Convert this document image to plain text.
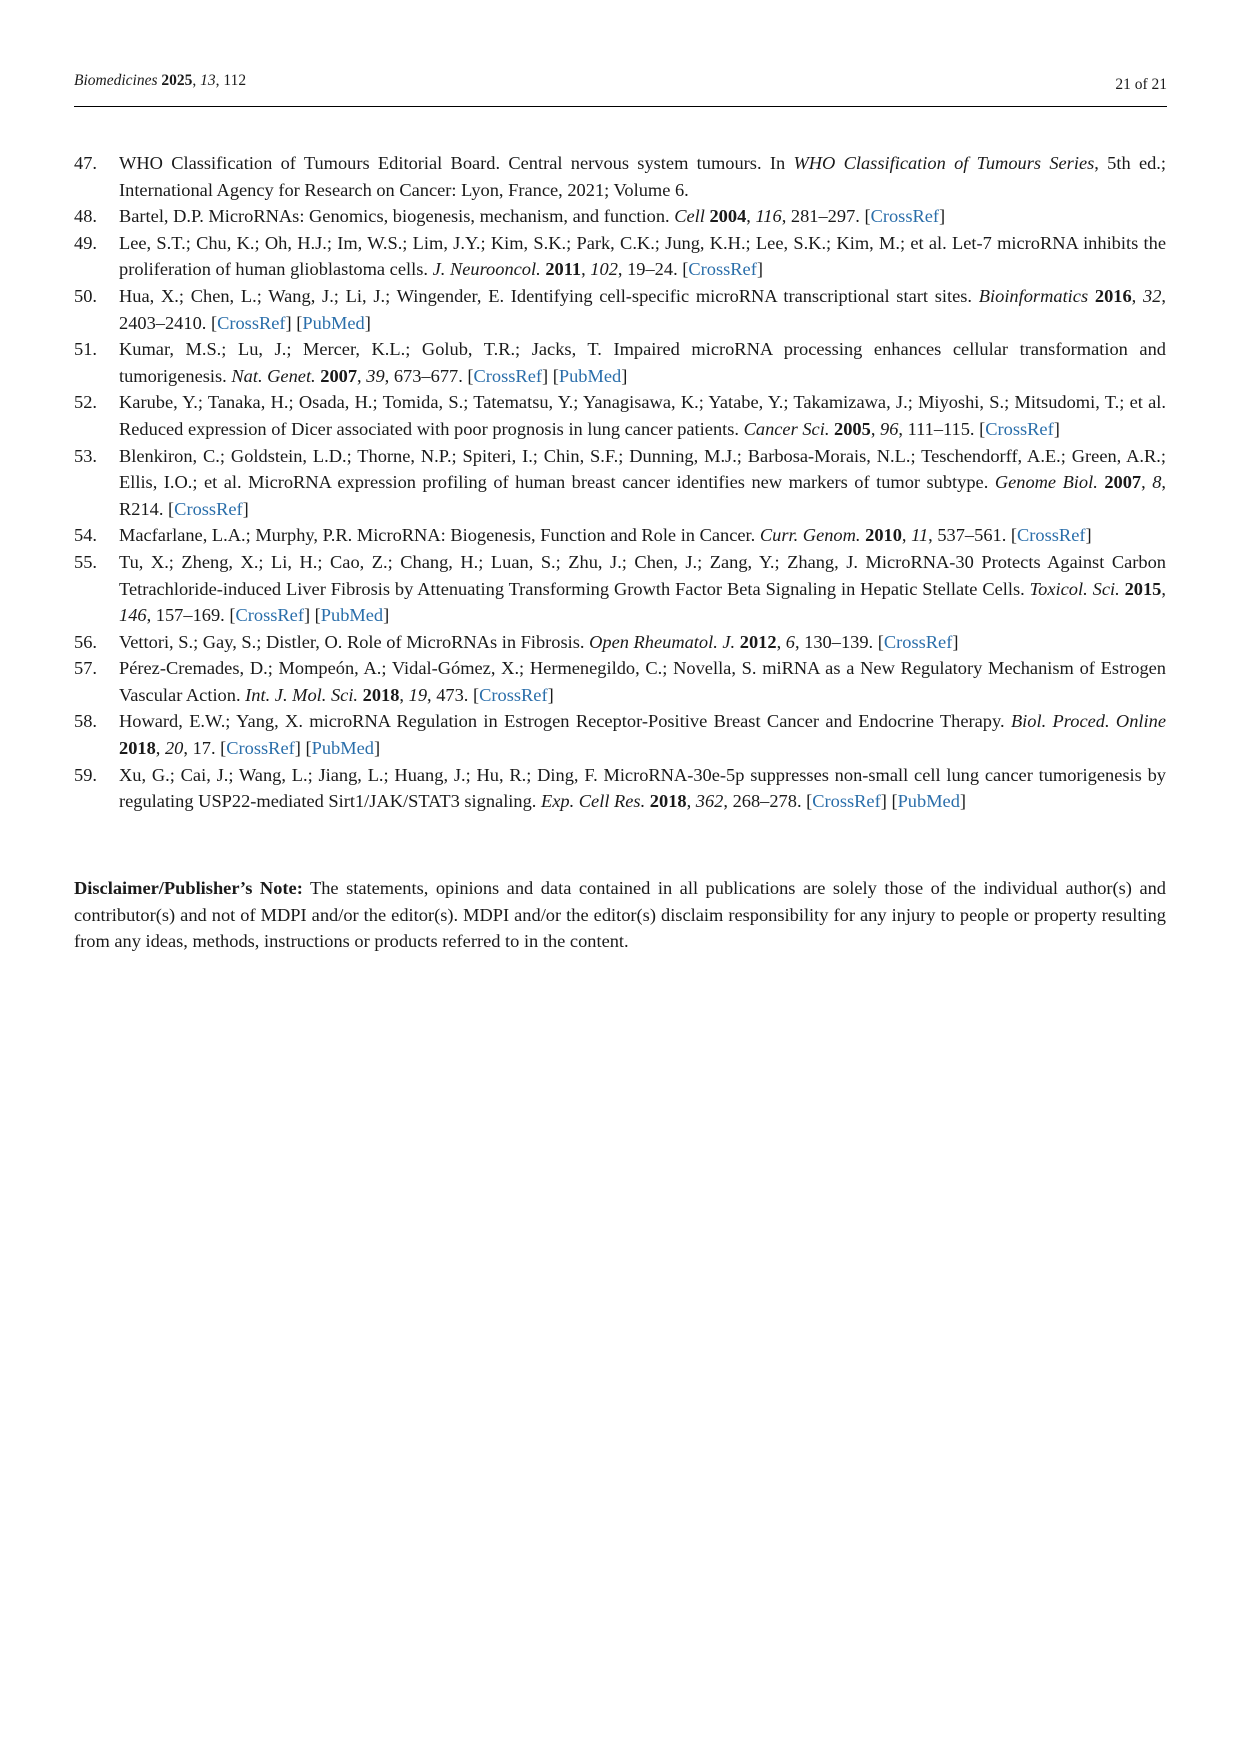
Biomedicines 2025, 13, 112	21 of 21
47. WHO Classification of Tumours Editorial Board. Central nervous system tumours. In WHO Classification of Tumours Series, 5th ed.; International Agency for Research on Cancer: Lyon, France, 2021; Volume 6.
48. Bartel, D.P. MicroRNAs: Genomics, biogenesis, mechanism, and function. Cell 2004, 116, 281–297. [CrossRef]
49. Lee, S.T.; Chu, K.; Oh, H.J.; Im, W.S.; Lim, J.Y.; Kim, S.K.; Park, C.K.; Jung, K.H.; Lee, S.K.; Kim, M.; et al. Let-7 microRNA inhibits the proliferation of human glioblastoma cells. J. Neurooncol. 2011, 102, 19–24. [CrossRef]
50. Hua, X.; Chen, L.; Wang, J.; Li, J.; Wingender, E. Identifying cell-specific microRNA transcriptional start sites. Bioinformatics 2016, 32, 2403–2410. [CrossRef] [PubMed]
51. Kumar, M.S.; Lu, J.; Mercer, K.L.; Golub, T.R.; Jacks, T. Impaired microRNA processing enhances cellular transformation and tumorigenesis. Nat. Genet. 2007, 39, 673–677. [CrossRef] [PubMed]
52. Karube, Y.; Tanaka, H.; Osada, H.; Tomida, S.; Tatematsu, Y.; Yanagisawa, K.; Yatabe, Y.; Takamizawa, J.; Miyoshi, S.; Mitsudomi, T.; et al. Reduced expression of Dicer associated with poor prognosis in lung cancer patients. Cancer Sci. 2005, 96, 111–115. [CrossRef]
53. Blenkiron, C.; Goldstein, L.D.; Thorne, N.P.; Spiteri, I.; Chin, S.F.; Dunning, M.J.; Barbosa-Morais, N.L.; Teschendorff, A.E.; Green, A.R.; Ellis, I.O.; et al. MicroRNA expression profiling of human breast cancer identifies new markers of tumor subtype. Genome Biol. 2007, 8, R214. [CrossRef]
54. Macfarlane, L.A.; Murphy, P.R. MicroRNA: Biogenesis, Function and Role in Cancer. Curr. Genom. 2010, 11, 537–561. [CrossRef]
55. Tu, X.; Zheng, X.; Li, H.; Cao, Z.; Chang, H.; Luan, S.; Zhu, J.; Chen, J.; Zang, Y.; Zhang, J. MicroRNA-30 Protects Against Carbon Tetrachloride-induced Liver Fibrosis by Attenuating Transforming Growth Factor Beta Signaling in Hepatic Stellate Cells. Toxicol. Sci. 2015, 146, 157–169. [CrossRef] [PubMed]
56. Vettori, S.; Gay, S.; Distler, O. Role of MicroRNAs in Fibrosis. Open Rheumatol. J. 2012, 6, 130–139. [CrossRef]
57. Pérez-Cremades, D.; Mompeón, A.; Vidal-Gómez, X.; Hermenegildo, C.; Novella, S. miRNA as a New Regulatory Mechanism of Estrogen Vascular Action. Int. J. Mol. Sci. 2018, 19, 473. [CrossRef]
58. Howard, E.W.; Yang, X. microRNA Regulation in Estrogen Receptor-Positive Breast Cancer and Endocrine Therapy. Biol. Proced. Online 2018, 20, 17. [CrossRef] [PubMed]
59. Xu, G.; Cai, J.; Wang, L.; Jiang, L.; Huang, J.; Hu, R.; Ding, F. MicroRNA-30e-5p suppresses non-small cell lung cancer tumorigenesis by regulating USP22-mediated Sirt1/JAK/STAT3 signaling. Exp. Cell Res. 2018, 362, 268–278. [CrossRef] [PubMed]
Disclaimer/Publisher’s Note: The statements, opinions and data contained in all publications are solely those of the individual author(s) and contributor(s) and not of MDPI and/or the editor(s). MDPI and/or the editor(s) disclaim responsibility for any injury to people or property resulting from any ideas, methods, instructions or products referred to in the content.
